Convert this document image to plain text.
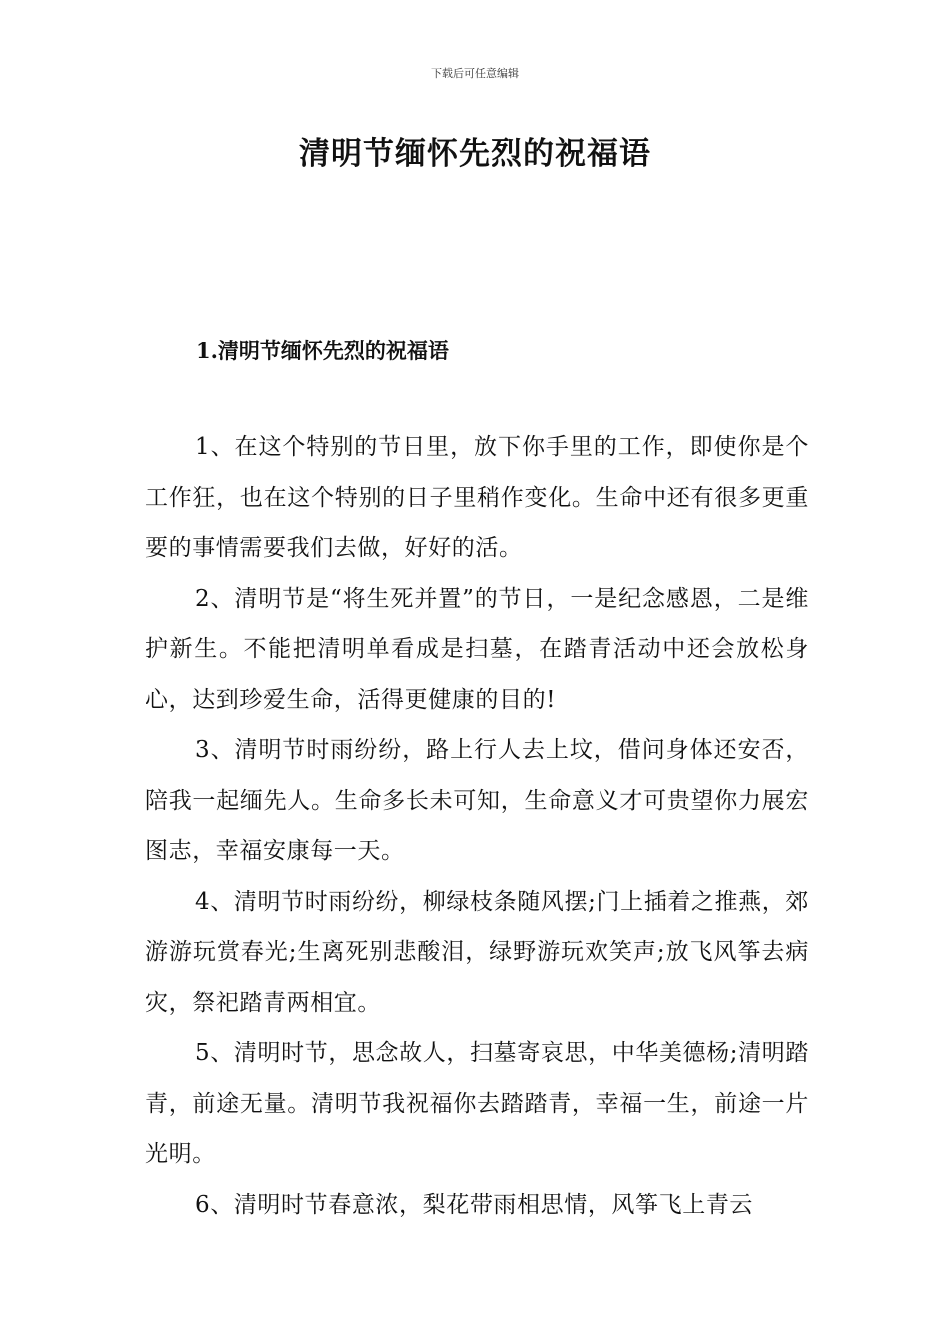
下载后可任意编辑
清明节缅怀先烈的祝福语
1.清明节缅怀先烈的祝福语

1、在这个特别的节日里，放下你手里的工作，即使你是个工作狂，也在这个特别的日子里稍作变化。生命中还有很多更重要的事情需要我们去做，好好的活。

2、清明节是“将生死并置”的节日，一是纪念感恩，二是维护新生。不能把清明单看成是扫墓，在踏青活动中还会放松身心，达到珍爱生命，活得更健康的目的!

3、清明节时雨纷纷，路上行人去上坟，借问身体还安否，陪我一起缅先人。生命多长未可知，生命意义才可贵望你力展宏图志，幸福安康每一天。

4、清明节时雨纷纷，柳绿枝条随风摆;门上插着之推燕，郊游游玩赏春光;生离死别悲酸泪，绿野游玩欢笑声;放飞风筝去病灾，祭祀踏青两相宜。

5、清明时节，思念故人，扫墓寄哀思，中华美德杨;清明踏青，前途无量。清明节我祝福你去踏踏青，幸福一生，前途一片光明。

6、清明时节春意浓，梨花带雨相思情，风筝飞上青云
